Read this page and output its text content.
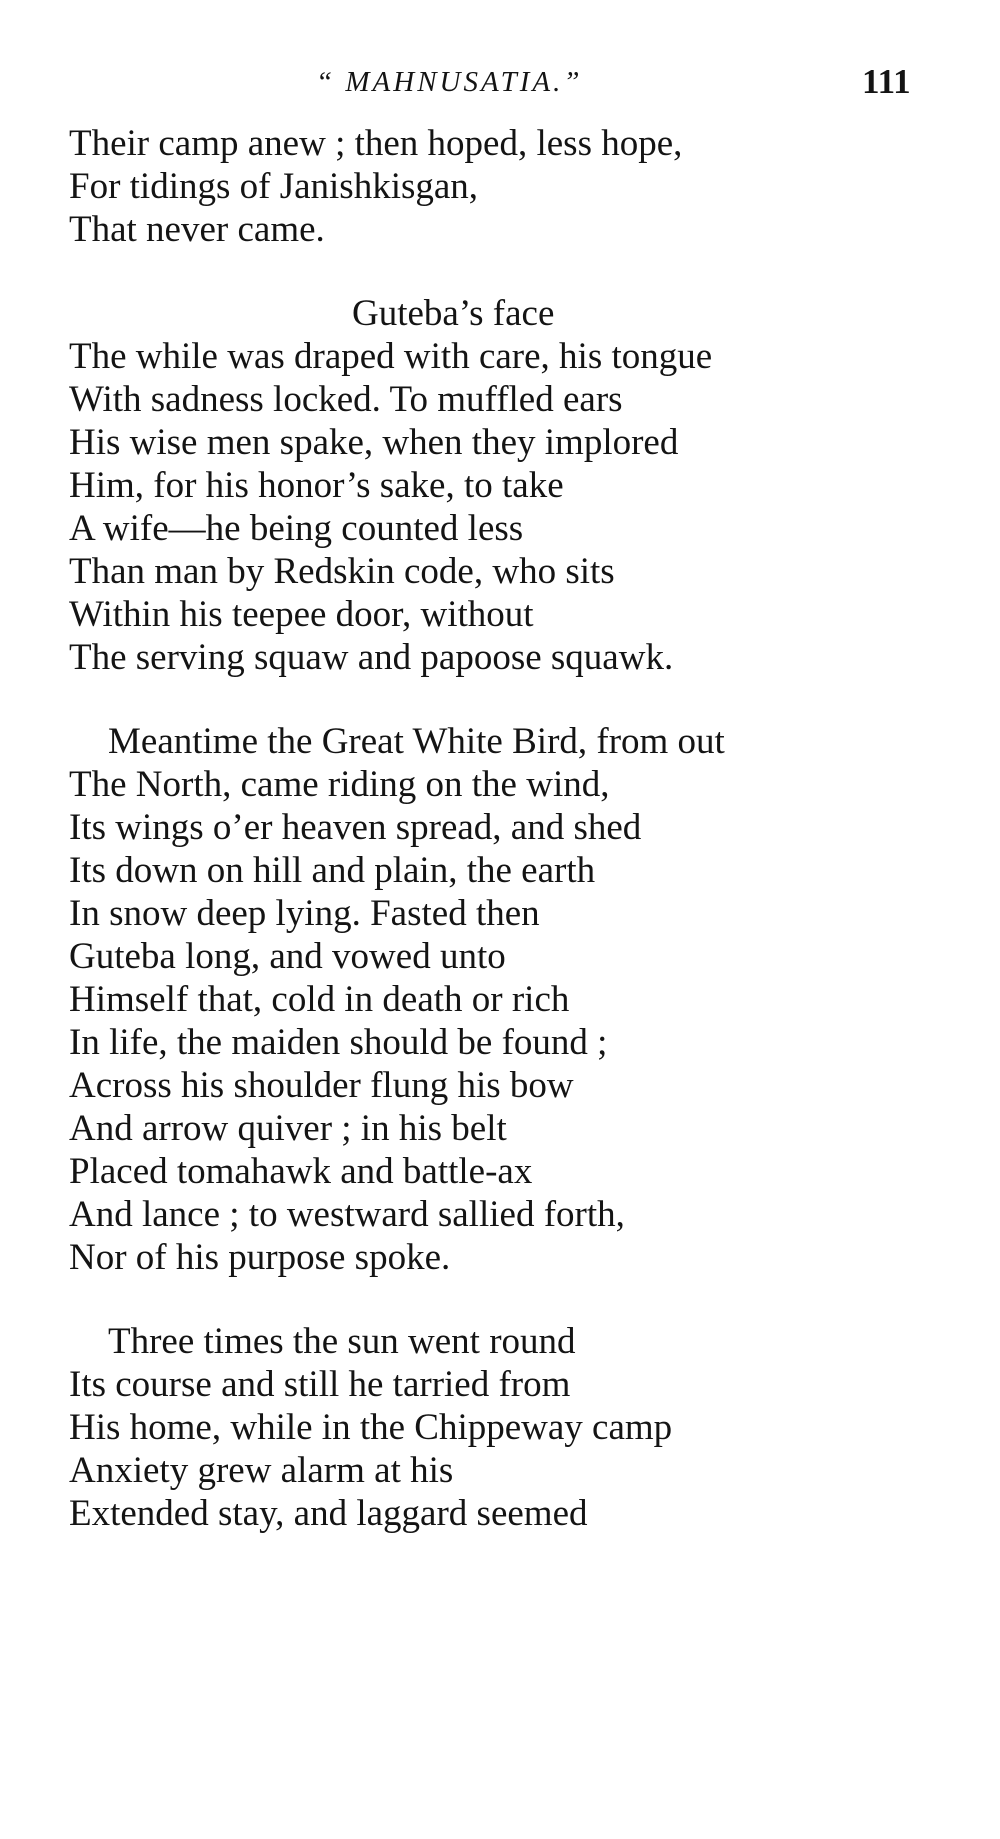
“ MAHNUSATIA.”	111
Their camp anew ; then hoped, less hope,
For tidings of Janishkisgan,
That never came.
Guteba’s face
The while was draped with care, his tongue
With sadness locked. To muffled ears
His wise men spake, when they implored
Him, for his honor’s sake, to take
A wife—he being counted less
Than man by Redskin code, who sits
Within his teepee door, without
The serving squaw and papoose squawk.
Meantime the Great White Bird, from out
The North, came riding on the wind,
Its wings o’er heaven spread, and shed
Its down on hill and plain, the earth
In snow deep lying. Fasted then
Guteba long, and vowed unto
Himself that, cold in death or rich
In life, the maiden should be found ;
Across his shoulder flung his bow
And arrow quiver ; in his belt
Placed tomahawk and battle-ax
And lance ; to westward sallied forth,
Nor of his purpose spoke.
Three times the sun went round
Its course and still he tarried from
His home, while in the Chippeway camp
Anxiety grew alarm at his
Extended stay, and laggard seemed
